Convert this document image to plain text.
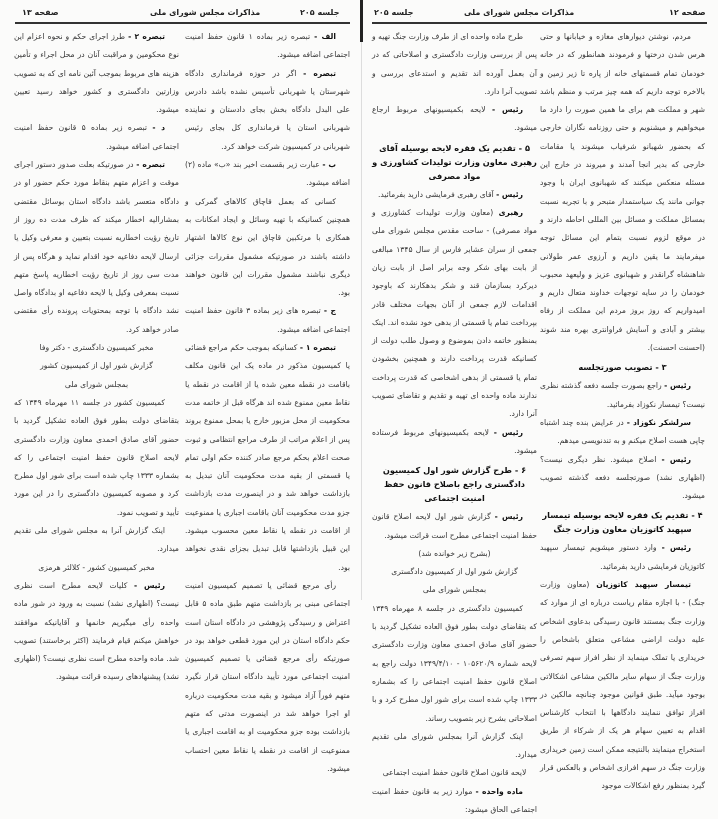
صفحه ۱۳	مذاکرات مجلس شورای ملی	جلسه ۲۰۵

الف - تبصره زیر بماده ۱ قانون حفظ امنیت اجتماعی اضافه میشود.

تبصره - اگر در حوزه فرمانداری دادگاه شهرستان یا شهربانی تأسیس نشده باشد دادرس علی البدل دادگاه بخش بجای دادستان و نماینده شهربانی استان یا فرمانداری کل بجای رئیس شهربانی در کمیسیون شرکت خواهد کرد.

ب - عبارت زیر بقسمت اخیر بند «ب» ماده (۲) اضافه میشود.

کسانی که بعمل قاچاق کالاهای گمرکی و همچنین کسانیکه با تهیه وسائل و ایجاد امکانات به همکاری با مرتکبین قاچاق این نوع کالاها اشتهار داشته باشند در صورتیکه مشمول مقررات جزائی دیگری نباشند مشمول مقررات این قانون خواهند بود.

ج - تبصره های زیر بماده ۳ قانون حفظ امنیت اجتماعی اضافه میشود.

تبصره ۱ - کسانیکه بموجب حکم مراجع قضائی یا کمیسیون مذکور در ماده یک این قانون مکلف باقامت در نقطه معین شده یا از اقامت در نقطه یا نقاط معین ممنوع شده اند هرگاه قبل از خاتمه مدت محکومیت از محل مزبور خارج یا بمحل ممنوع بروند پس از اعلام مراتب از طرف مراجع انتظامی و ثبوت صحت اعلام بحکم مرجع صادر کننده حکم اولی تمام یا قسمتی از بقیه مدت محکومیت آنان تبدیل به بازداشت خواهد شد و در اینصورت مدت بازداشت جزو مدت محکومیت آنان باقامت اجباری یا ممنوعیت از اقامت در نقطه یا نقاط معین محسوب میشود. این قبیل بازداشتها قابل تبدیل بجزای نقدی نخواهد بود.

رأی مرجع قضائی یا تصمیم کمیسیون امنیت اجتماعی مبنی بر بازداشت متهم طبق ماده ۵ قابل اعتراض و رسیدگی پژوهشی در دادگاه استان است حکم دادگاه استان در این مورد قطعی خواهد بود در صورتیکه رأی مرجع قضائی یا تصمیم کمیسیون امنیت اجتماعی مورد تأیید دادگاه استان قرار نگیرد متهم فوراً آزاد میشود و بقیه مدت محکومیت درباره او اجرا خواهد شد در اینصورت مدتی که متهم بازداشت بوده جزو محکومیت او به اقامت اجباری یا ممنوعیت از اقامت در نقطه یا نقاط معین احتساب میشود.

تبصره ۲ - طرز اجرای حکم و نحوه اعزام این نوع محکومین و مراقبت آنان در محل اجراء و تأمین هزینه های مربوط بموجب آئین نامه ای که به تصویب وزارتین دادگستری و کشور خواهد رسید تعیین میشود.

د - تبصره زیر بماده ۵ قانون حفظ امنیت اجتماعی اضافه میشود.

تبصره - در صورتیکه بعلت صدور دستور اجرای موقت و اعزام متهم بنقاط مورد حکم حضور او در دادگاه متعسر باشد دادگاه استان بوسائل مقتضی بمشارالیه اخطار میکند که ظرف مدت ده روز از تاریخ رؤیت اخطاریه نسبت بتعیین و معرفی وکیل یا ارسال لایحه دفاعیه خود اقدام نماید و هرگاه پس از مدت سی روز از تاریخ رؤیت اخطاریه پاسخ متهم نسبت بمعرفی وکیل یا لایحه دفاعیه او بدادگاه واصل نشد دادگاه با توجه بمحتویات پرونده رأی مقتضی صادر خواهد کرد.

مخبر کمیسیون دادگستری - دکتر وفا

گزارش شور اول از کمیسیون کشور

بمجلس شورای ملی

کمیسیون کشور در جلسه ۱۱ مهرماه ۱۳۴۹ که بتقاضای دولت بطور فوق العاده تشکیل گردید با حضور آقای صادق احمدی معاون وزارت دادگستری لایحه اصلاح قانون حفظ امنیت اجتماعی را که بشماره ۱۳۳۳ چاپ شده است برای شور اول مطرح کرد و مصوبه کمیسیون دادگستری را در این مورد تأیید و تصویب نمود.

اینک گزارش آنرا به مجلس شورای ملی تقدیم میدارد.

مخبر کمیسیون کشور - کلالئر هرمزی

رئیس - کلیات لایحه مطرح است نظری نیست؟ (اظهاری نشد) نسبت به ورود در شور ماده واحده رأی میگیریم خانمها و آقایانیکه موافقند خواهش میکنم قیام فرمایند (اکثر برخاستند) تصویب شد. ماده واحده مطرح است نظری نیست؟ (اظهاری نشد) پیشنهادهای رسیده قرائت میشود.

جلسه ۲۰۵	مذاکرات مجلس شورای ملی	صفحه ۱۲

مردم، نوشتن دیوارهای مغازه و خیابانها و حتی هرس شدن درختها و فرمودند همانطور که در خانه خودمان تمام قسمتهای خانه از پاره تا زیر زمین و بالاخره توجه داریم که همه چیز مرتب و منظم باشد شهر و مملکت هم برای ما همین صورت را دارد ما میخواهیم و میشنویم و حتی روزنامه نگاران خارجی که بحضور شهبانو شرفیاب میشوند یا مقامات خارجی که بدیر انجا آمدند و میروند در خارج این مسئله منعکس میکنند که شهبانوی ایران با وجود جوانی مانند یک سیاستمدار متبحر و با تجربه نسبت بمسائل مملکت و مسائل بین المللی احاطه دارند و در موقع لزوم نسبت بتمام این مسائل توجه میفرمایند ما یقین داریم و آرزوی عمر طولانی شاهنشاه گرانقدر و شهبانوی عزیز و ولیعهد محبوب خودمان را در سایه توجهات خداوند متعال داریم و امیدواریم که روز بروز مردم این مملکت از رفاه بیشتر و آبادی و آسایش فراوانتری بهره مند شوند (احسنت احسنت).

۳ - تصویب صورتجلسه

رئیس - راجع بصورت جلسه دفعه گذشته نظری نیست؟ تیمسار نکوزاد بفرمائید.

سرلشکر نکوزاد - در عرایض بنده چند اشتباه چاپی هست اصلاح میکنم و به تندنویسی میدهم.

رئیس - اصلاح میشود. نظر دیگری نیست؟ (اظهاری نشد) صورتجلسه دفعه گذشته تصویب میشود.

۴ - تقدیم یک فقره لایحه بوسیله تیمسار سپهبد کاتوزیان معاون وزارت جنگ

رئیس - وارد دستور میشویم تیمسار سپهبد کاتوزیان فرمایشی دارید بفرمائید.

تیمسار سپهبد کاتوزیان (معاون وزارت جنگ) - با اجازه مقام ریاست درباره ای از موارد که وزارت جنگ بمستند قانون رسیدگی بدعاوی اشخاص علیه دولت اراضی مشاعی متعلق باشخاص را خریداری یا تملک مینماید از نظر افراز سهم تصرفی وزارت جنگ از سهام سایر مالکین مشاعی اشکالاتی بوجود میآید. طبق قوانین موجود چنانچه مالکین در افراز توافق ننمایند دادگاهها با انتخاب کارشناس اقدام به تعیین سهام هر یک از شرکاء از طریق استخراج مینمایند بالنتیجه ممکن است زمین خریداری وزارت جنگ در سهم افرازی اشخاص و بالعکس قرار گیرد بمنظور رفع اشکالات موجود

طرح ماده واحده ای از طرف وزارت جنگ تهیه و پس از بررسی وزارت دادگستری و اصلاحاتی که در آن بعمل آورده اند تقدیم و استدعای بررسی و تصویب آنرا دارد.

رئیس - لایحه بکمیسیونهای مربوط ارجاع میشود.

۵ - تقدیم یک فقره لایحه بوسیله آقای رهبری معاون وزارت تولیدات کشاورزی و مواد مصرفی

رئیس - آقای رهبری فرمایشی دارید بفرمائید.

رهبری (معاون وزارت تولیدات کشاورزی و مواد مصرفی) - ساحت مقدس مجلس شورای ملی جمعی از سران عشایر فارس از سال ۱۳۴۵ مبالغی از بابت بهای شکر وجه برابر اصل از بابت زیان دیرکرد بسازمان قند و شکر بدهکارند که باوجود اقدامات لازم جمعی از آنان بجهات مختلف قادر بپرداخت تمام یا قسمتی از بدهی خود نشده اند. اینک بمنظور خاتمه دادن بموضوع و وصول طلب دولت از کسانیکه قدرت پرداخت دارند و همچنین بخشودن تمام یا قسمتی از بدهی اشخاصی که قدرت پرداخت ندارند ماده واحده ای تهیه و تقدیم و تقاضای تصویب آنرا دارد.

رئیس - لایحه بکمیسیونهای مربوط فرستاده میشود.

۶ - طرح گزارش شور اول کمیسیون دادگستری راجع باصلاح قانون حفظ امنیت اجتماعی

رئیس - گزارش شور اول لایحه اصلاح قانون حفظ امنیت اجتماعی مطرح است قرائت میشود.

(بشرح زیر خوانده شد)

گزارش شور اول از کمیسیون دادگستری

بمجلس شورای ملی

کمیسیون دادگستری در جلسه ۸ مهرماه ۱۳۴۹ که بتقاضای دولت بطور فوق العاده تشکیل گردید با حضور آقای صادق احمدی معاون وزارت دادگستری لایحه شماره ۱۰۵۶۲۰/۹ - ۱۳۴۹/۴/۱۰ دولت راجع به اصلاح قانون حفظ امنیت اجتماعی را که بشماره ۱۳۳۳ چاپ شده است برای شور اول مطرح کرد و با اصلاحاتی بشرح زیر بتصویب رساند.

اینک گزارش آنرا بمجلس شورای ملی تقدیم میدارد.

لایحه قانون اصلاح قانون حفظ امنیت اجتماعی

ماده واحده - موارد زیر به قانون حفظ امنیت اجتماعی الحاق میشود:
